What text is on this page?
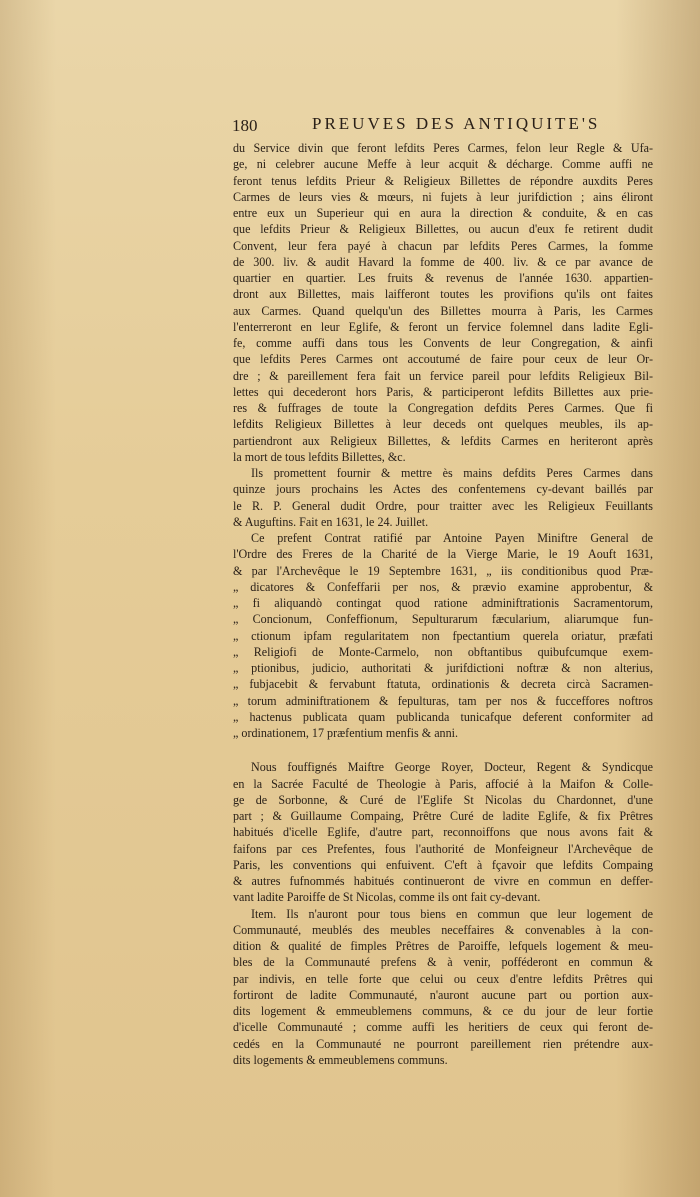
180	PREUVES DES ANTIQUITE'S
du Service divin que feront lefdits Peres Carmes, felon leur Regle & Ufa-
ge, ni celebrer aucune Meffe à leur acquit & décharge. Comme auffi ne
feront tenus lefdits Prieur & Religieux Billettes de répondre auxdits Peres
Carmes de leurs vies & mœurs, ni fujets à leur jurifdiction ; ains éliront
entre eux un Superieur qui en aura la direction & conduite, & en cas
que lefdits Prieur & Religieux Billettes, ou aucun d'eux fe retirent dudit
Convent, leur fera payé à chacun par lefdits Peres Carmes, la fomme
de 300. liv. & audit Havard la fomme de 400. liv. & ce par avance de
quartier en quartier. Les fruits & revenus de l'année 1630. appartien-
dront aux Billettes, mais laifferont toutes les provifions qu'ils ont faites
aux Carmes. Quand quelqu'un des Billettes mourra à Paris, les Carmes
l'enterreront en leur Eglife, & feront un fervice folemnel dans ladite Egli-
fe, comme auffi dans tous les Convents de leur Congregation, & ainfi
que lefdits Peres Carmes ont accoutumé de faire pour ceux de leur Or-
dre ; & pareillement fera fait un fervice pareil pour lefdits Religieux Bil-
lettes qui decederont hors Paris, & participeront lefdits Billettes aux prie-
res & fuffrages de toute la Congregation defdits Peres Carmes. Que fi
lefdits Religieux Billettes à leur deceds ont quelques meubles, ils ap-
partiendront aux Religieux Billettes, & lefdits Carmes en heriteront après
la mort de tous lefdits Billettes, &c.
Ils promettent fournir & mettre ès mains defdits Peres Carmes dans
quinze jours prochains les Actes des confentemens cy-devant baillés par
le R. P. General dudit Ordre, pour traitter avec les Religieux Feuillants
& Auguftins. Fait en 1631, le 24. Juillet.
Ce prefent Contrat ratifié par Antoine Payen Miniftre General de
l'Ordre des Freres de la Charité de la Vierge Marie, le 19 Aouft 1631,
& par l'Archevêque le 19 Septembre 1631, „ iis conditionibus quod Præ-
„ dicatores & Confeffarii per nos, & prævio examine approbentur, &
„ fi aliquandò contingat quod ratione adminiftrationis Sacramentorum,
„ Concionum, Confeffionum, Sepulturarum fæcularium, aliarumque fun-
„ ctionum ipfam regularitatem non fpectantium querela oriatur, præfati
„ Religiofi de Monte-Carmelo, non obftantibus quibufcumque exem-
„ ptionibus, judicio, authoritati & jurifdictioni noftræ & non alterius,
„ fubjacebit & fervabunt ftatuta, ordinationis & decreta circà Sacramen-
„ torum adminiftrationem & fepulturas, tam per nos & fucceffores noftros
„ hactenus publicata quam publicanda tunicafque deferent conformiter ad
„ ordinationem, 17 præfentium menfis & anni.
Nous fouffignés Maiftre George Royer, Docteur, Regent & Syndicque
en la Sacrée Faculté de Theologie à Paris, affocié à la Maifon & Colle-
ge de Sorbonne, & Curé de l'Eglife St Nicolas du Chardonnet, d'une
part ; & Guillaume Compaing, Prêtre Curé de ladite Eglife, & fix Prêtres
habitués d'icelle Eglife, d'autre part, reconnoiffons que nous avons fait &
faifons par ces Prefentes, fous l'authorité de Monfeigneur l'Archevêque de
Paris, les conventions qui enfuivent. C'eft à fçavoir que lefdits Compaing
& autres fufnommés habitués continueront de vivre en commun en deffer-
vant ladite Paroiffe de St Nicolas, comme ils ont fait cy-devant.
Item. Ils n'auront pour tous biens en commun que leur logement de
Communauté, meublés des meubles neceffaires & convenables à la con-
dition & qualité de fimples Prêtres de Paroiffe, lefquels logement & meu-
bles de la Communauté prefens & à venir, pofféderont en commun &
par indivis, en telle forte que celui ou ceux d'entre lefdits Prêtres qui
fortiront de ladite Communauté, n'auront aucune part ou portion aux-
dits logement & emmeublemens communs, & ce du jour de leur fortie
d'icelle Communauté ; comme auffi les heritiers de ceux qui feront de-
cedés en la Communauté ne pourront pareillement rien prétendre aux-
dits logements & emmeublemens communs.
